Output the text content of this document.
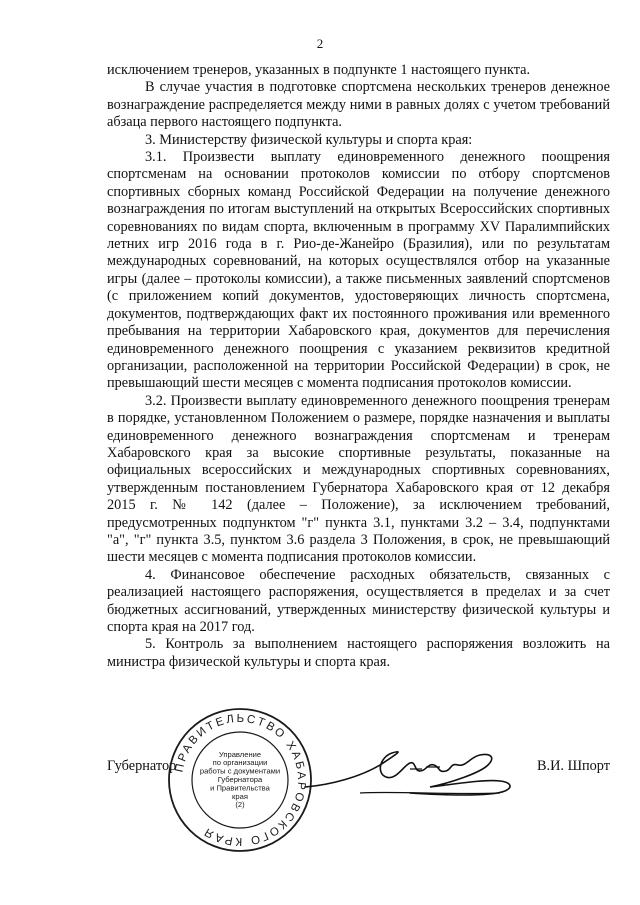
2

исключением тренеров, указанных в подпункте 1 настоящего пункта.

В случае участия в подготовке спортсмена нескольких тренеров денежное вознаграждение распределяется между ними в равных долях с учетом требований абзаца первого настоящего подпункта.

3. Министерству физической культуры и спорта края:

3.1. Произвести выплату единовременного денежного поощрения спортсменам на основании протоколов комиссии по отбору спортсменов спортивных сборных команд Российской Федерации на получение денежного вознаграждения по итогам выступлений на открытых Всероссийских спортивных соревнованиях по видам спорта, включенным в программу XV Паралимпийских летних игр 2016 года в г. Рио-де-Жанейро (Бразилия), или по результатам международных соревнований, на которых осуществлялся отбор на указанные игры (далее – протоколы комиссии), а также письменных заявлений спортсменов (с приложением копий документов, удостоверяющих личность спортсмена, документов, подтверждающих факт их постоянного проживания или временного пребывания на территории Хабаровского края, документов для перечисления единовременного денежного поощрения с указанием реквизитов кредитной организации, расположенной на территории Российской Федерации) в срок, не превышающий шести месяцев с момента подписания протоколов комиссии.

3.2. Произвести выплату единовременного денежного поощрения тренерам в порядке, установленном Положением о размере, порядке назначения и выплаты единовременного денежного вознаграждения спортсменам и тренерам Хабаровского края за высокие спортивные результаты, показанные на официальных всероссийских и международных спортивных соревнованиях, утвержденным постановлением Губернатора Хабаровского края от 12 декабря 2015 г. № 142 (далее – Положение), за исключением требований, предусмотренных подпунктом "г" пункта 3.1, пунктами 3.2 – 3.4, подпунктами "а", "г" пункта 3.5, пунктом 3.6 раздела 3 Положения, в срок, не превышающий шести месяцев с момента подписания протоколов комиссии.

4. Финансовое обеспечение расходных обязательств, связанных с реализацией настоящего распоряжения, осуществляется в пределах и за счет бюджетных ассигнований, утвержденных министерству физической культуры и спорта края на 2017 год.

5. Контроль за выполнением настоящего распоряжения возложить на министра физической культуры и спорта края.

Губернатор	В.И. Шпорт
ПРАВИТЕЛЬСТВО ХАБАРОВСКОГО КРАЯ
Управление
по организации
работы с документами
Губернатора
и Правительства
края
(2)
